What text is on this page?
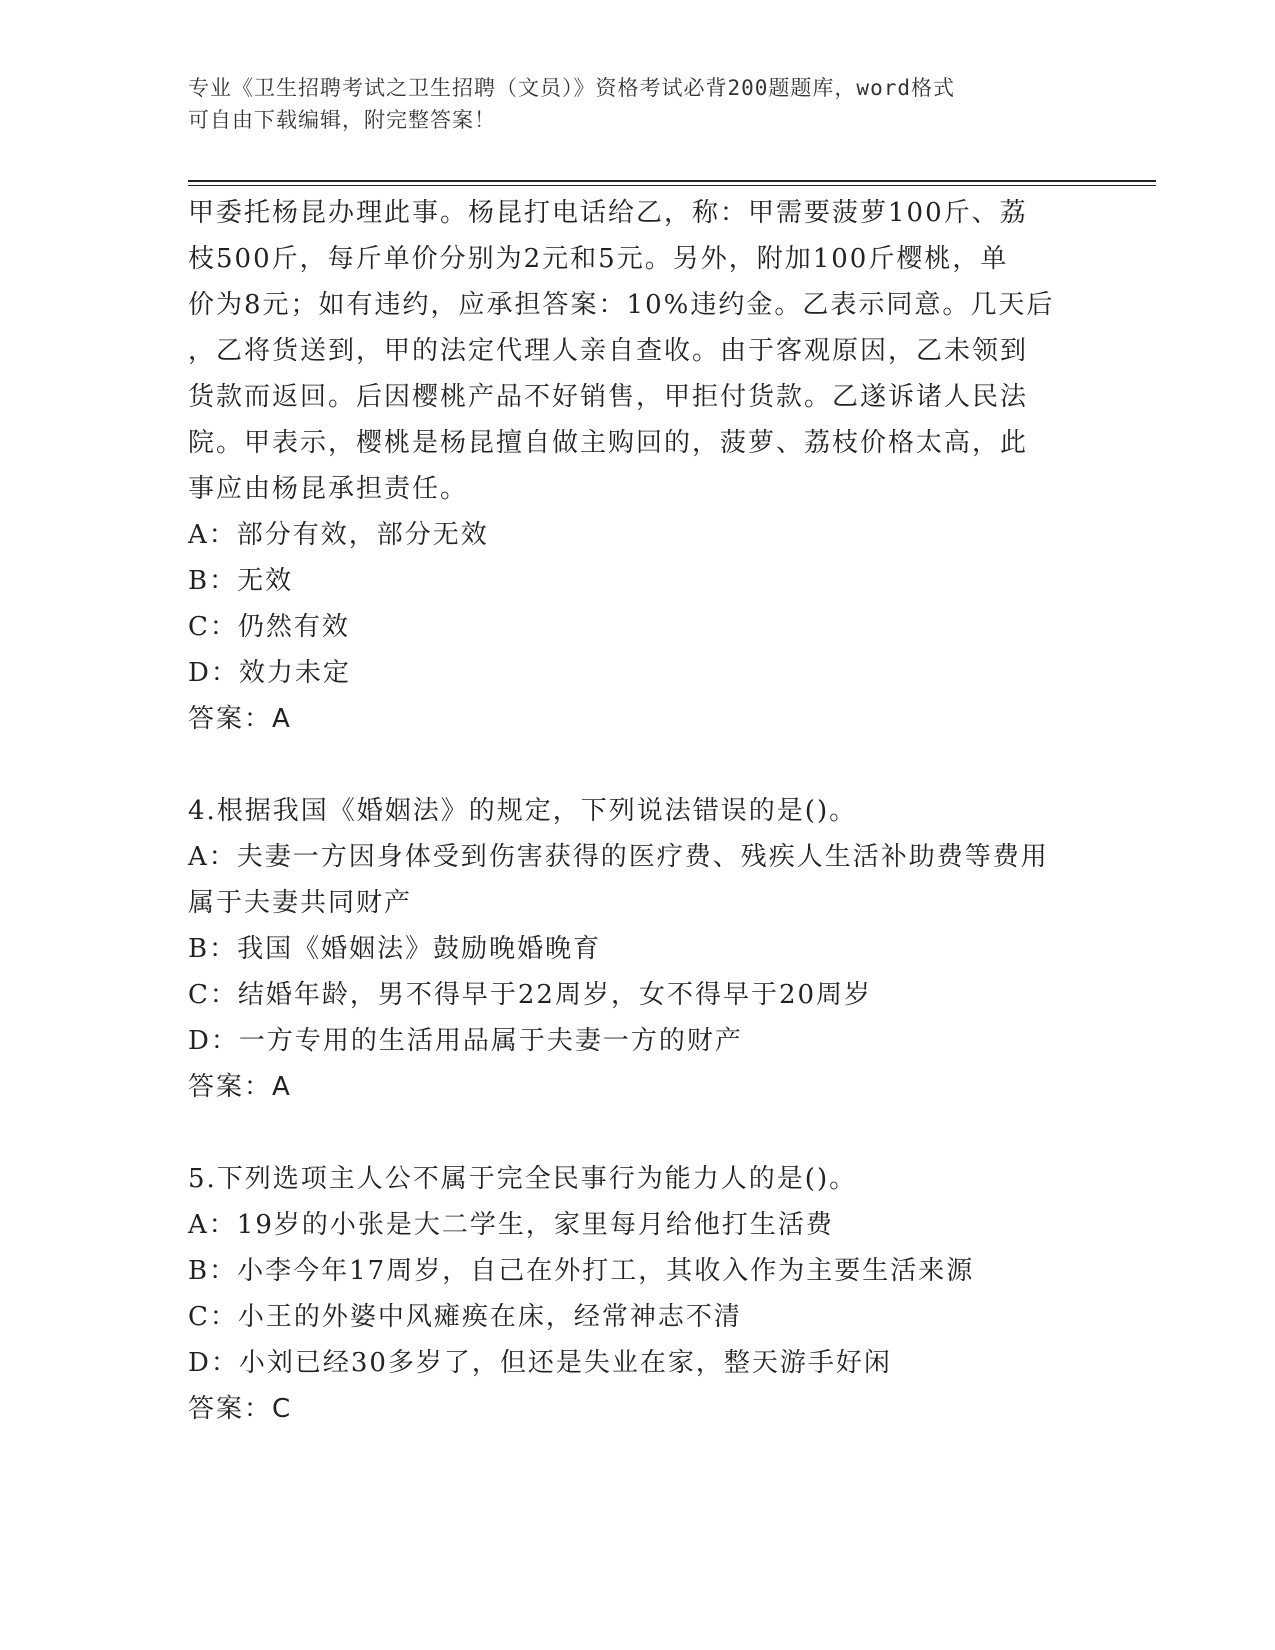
专业《卫生招聘考试之卫生招聘（文员）》资格考试必背200题题库，word格式
可自由下载编辑，附完整答案！
甲委托杨昆办理此事。杨昆打电话给乙，称：甲需要菠萝100斤、荔
枝500斤，每斤单价分别为2元和5元。另外，附加100斤樱桃，单
价为8元；如有违约，应承担答案：10%违约金。乙表示同意。几天后
，乙将货送到，甲的法定代理人亲自查收。由于客观原因，乙未领到
货款而返回。后因樱桃产品不好销售，甲拒付货款。乙遂诉诸人民法
院。甲表示，樱桃是杨昆擅自做主购回的，菠萝、荔枝价格太高，此
事应由杨昆承担责任。
A：部分有效，部分无效
B：无效
C：仍然有效
D：效力未定
答案：A
4.根据我国《婚姻法》的规定，下列说法错误的是()。
A：夫妻一方因身体受到伤害获得的医疗费、残疾人生活补助费等费用
属于夫妻共同财产
B：我国《婚姻法》鼓励晚婚晚育
C：结婚年龄，男不得早于22周岁，女不得早于20周岁
D：一方专用的生活用品属于夫妻一方的财产
答案：A
5.下列选项主人公不属于完全民事行为能力人的是()。
A：19岁的小张是大二学生，家里每月给他打生活费
B：小李今年17周岁，自己在外打工，其收入作为主要生活来源
C：小王的外婆中风瘫痪在床，经常神志不清
D：小刘已经30多岁了，但还是失业在家，整天游手好闲
答案：C
